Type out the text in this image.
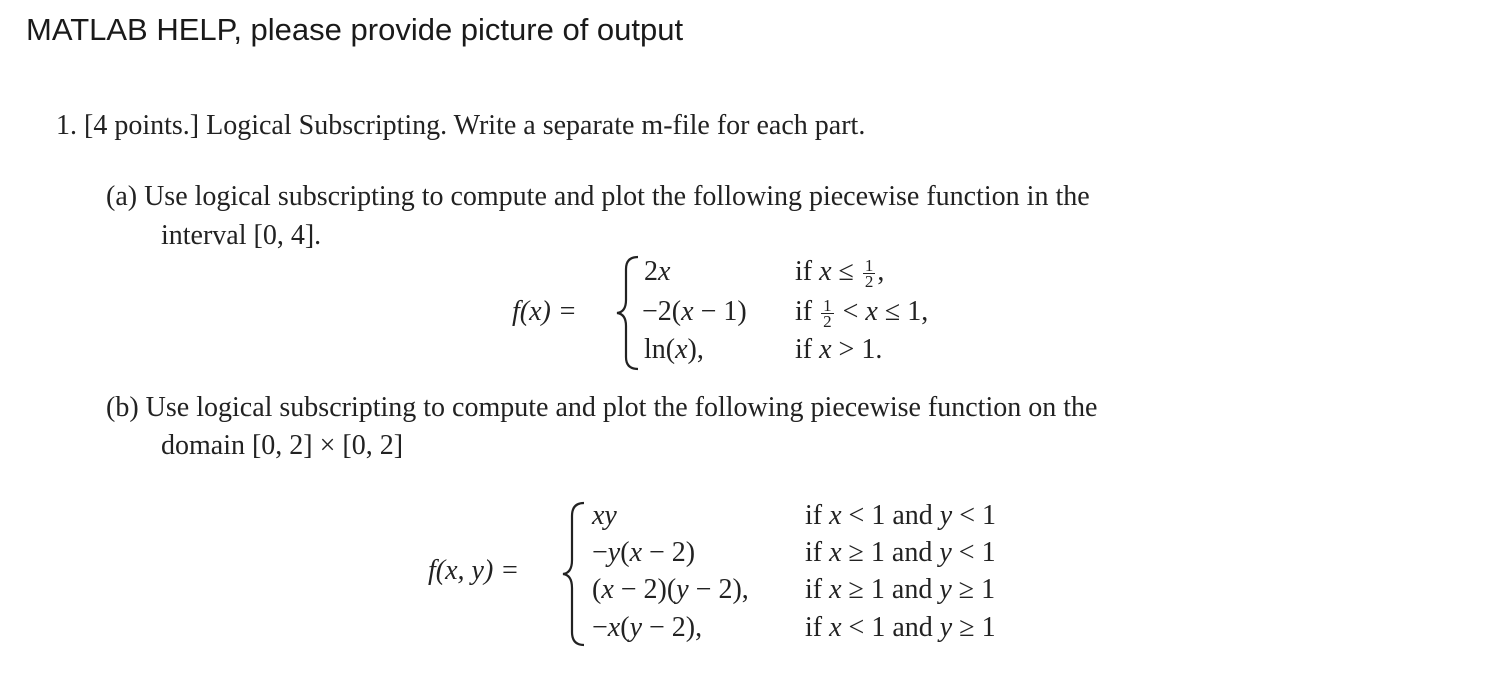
MATLAB HELP, please provide picture of output
1. [4 points.] Logical Subscripting. Write a separate m-file for each part.
(a) Use logical subscripting to compute and plot the following piecewise function in the
interval [0, 4].
f(x) =
2x	if $x \le \frac{1}{2}$ ,
−2(x − 1) if $\frac{1}{2} < x \le 1$,
ln(x),	if x > 1.
(b) Use logical subscripting to compute and plot the following piecewise function on the
domain [0, 2] × [0, 2]
f(x, y) =
xy	if x < 1 and y < 1
−y(x − 2)	if x ≥ 1 and y < 1
(x − 2)(y − 2), if x ≥ 1 and y ≥ 1
−x(y − 2),	if x < 1 and y ≥ 1
